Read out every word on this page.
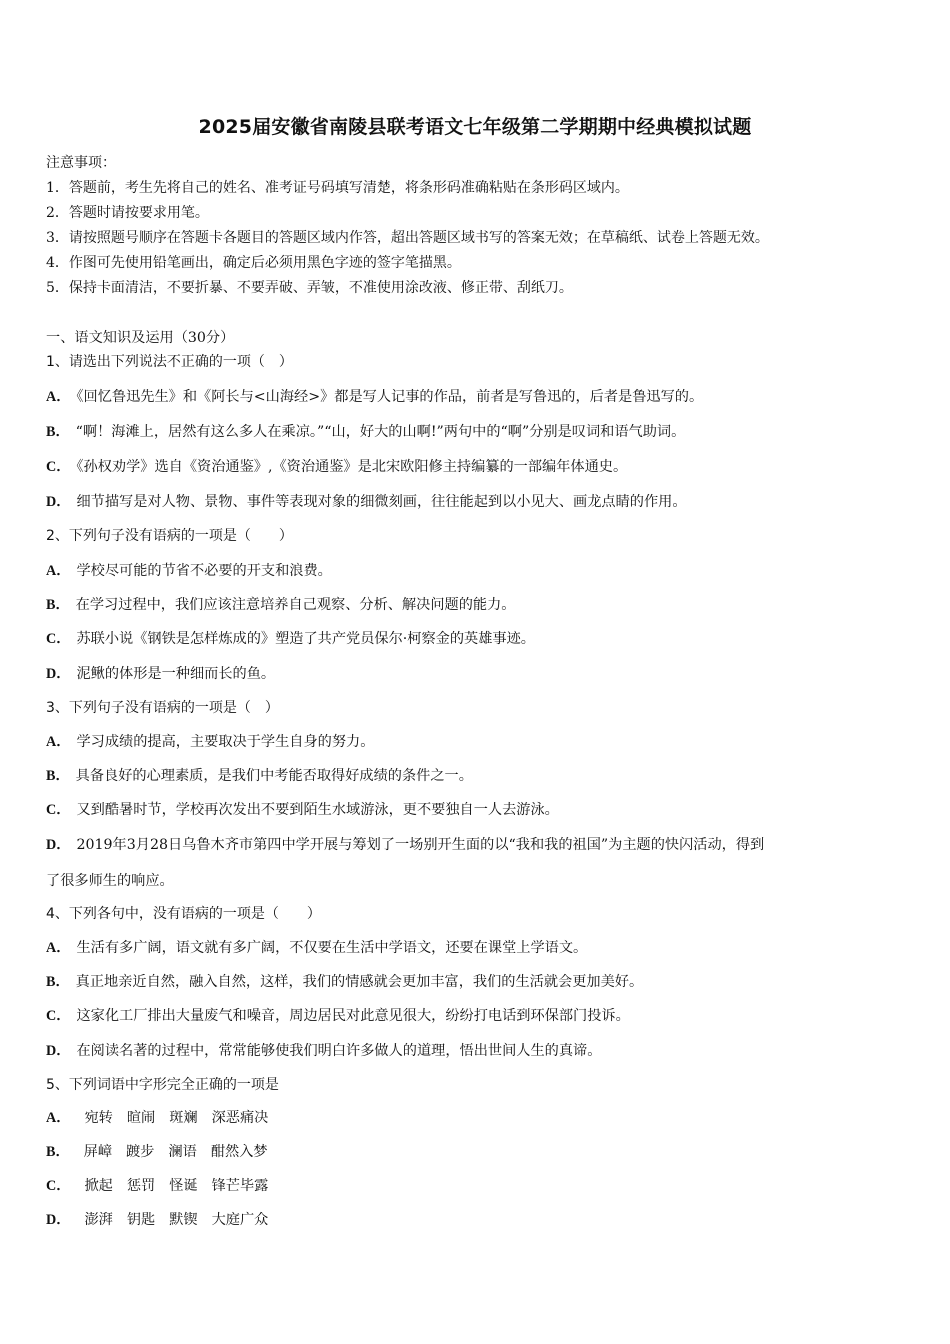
2025届安徽省南陵县联考语文七年级第二学期期中经典模拟试题
注意事项：
1．答题前，考生先将自己的姓名、准考证号码填写清楚，将条形码准确粘贴在条形码区域内。
2．答题时请按要求用笔。
3．请按照题号顺序在答题卡各题目的答题区域内作答，超出答题区域书写的答案无效；在草稿纸、试卷上答题无效。
4．作图可先使用铅笔画出，确定后必须用黑色字迹的签字笔描黑。
5．保持卡面清洁，不要折暴、不要弄破、弄皱，不准使用涂改液、修正带、刮纸刀。
一、语文知识及运用（30分）
1、请选出下列说法不正确的一项（　）
A． 《回忆鲁迅先生》和《阿长与<山海经>》都是写人记事的作品，前者是写鲁迅的，后者是鲁迅写的。
B． “啊！海滩上，居然有这么多人在乘凉。”“山，好大的山啊!”两句中的“啊”分别是叹词和语气助词。
C． 《孙权劝学》选自《资治通鉴》,《资治通鉴》是北宋欧阳修主持编纂的一部编年体通史。
D． 细节描写是对人物、景物、事件等表现对象的细微刻画，往往能起到以小见大、画龙点睛的作用。
2、下列句子没有语病的一项是（　　）
A． 学校尽可能的节省不必要的开支和浪费。
B． 在学习过程中，我们应该注意培养自己观察、分析、解决问题的能力。
C． 苏联小说《钢铁是怎样炼成的》塑造了共产党员保尔·柯察金的英雄事迹。
D． 泥鳅的体形是一种细而长的鱼。
3、下列句子没有语病的一项是（　）
A． 学习成绩的提高，主要取决于学生自身的努力。
B． 具备良好的心理素质，是我们中考能否取得好成绩的条件之一。
C． 又到酷暑时节，学校再次发出不要到陌生水域游泳，更不要独自一人去游泳。
D． 2019年3月28日乌鲁木齐市第四中学开展与筹划了一场别开生面的以“我和我的祖国”为主题的快闪活动，得到
了很多师生的响应。
4、下列各句中，没有语病的一项是（　　）
A． 生活有多广阔，语文就有多广阔，不仅要在生活中学语文，还要在课堂上学语文。
B． 真正地亲近自然，融入自然，这样，我们的情感就会更加丰富，我们的生活就会更加美好。
C． 这家化工厂排出大量废气和噪音，周边居民对此意见很大，纷纷打电话到环保部门投诉。
D． 在阅读名著的过程中，常常能够使我们明白许多做人的道理，悟出世间人生的真谛。
5、下列词语中字形完全正确的一项是
A． 宛转 暄闹 斑斓 深恶痛决
B． 屏嶂 踱步 澜语 酣然入梦
C． 掀起 惩罚 怪诞 锋芒毕露
D． 澎湃 钥匙 默锲 大庭广众
